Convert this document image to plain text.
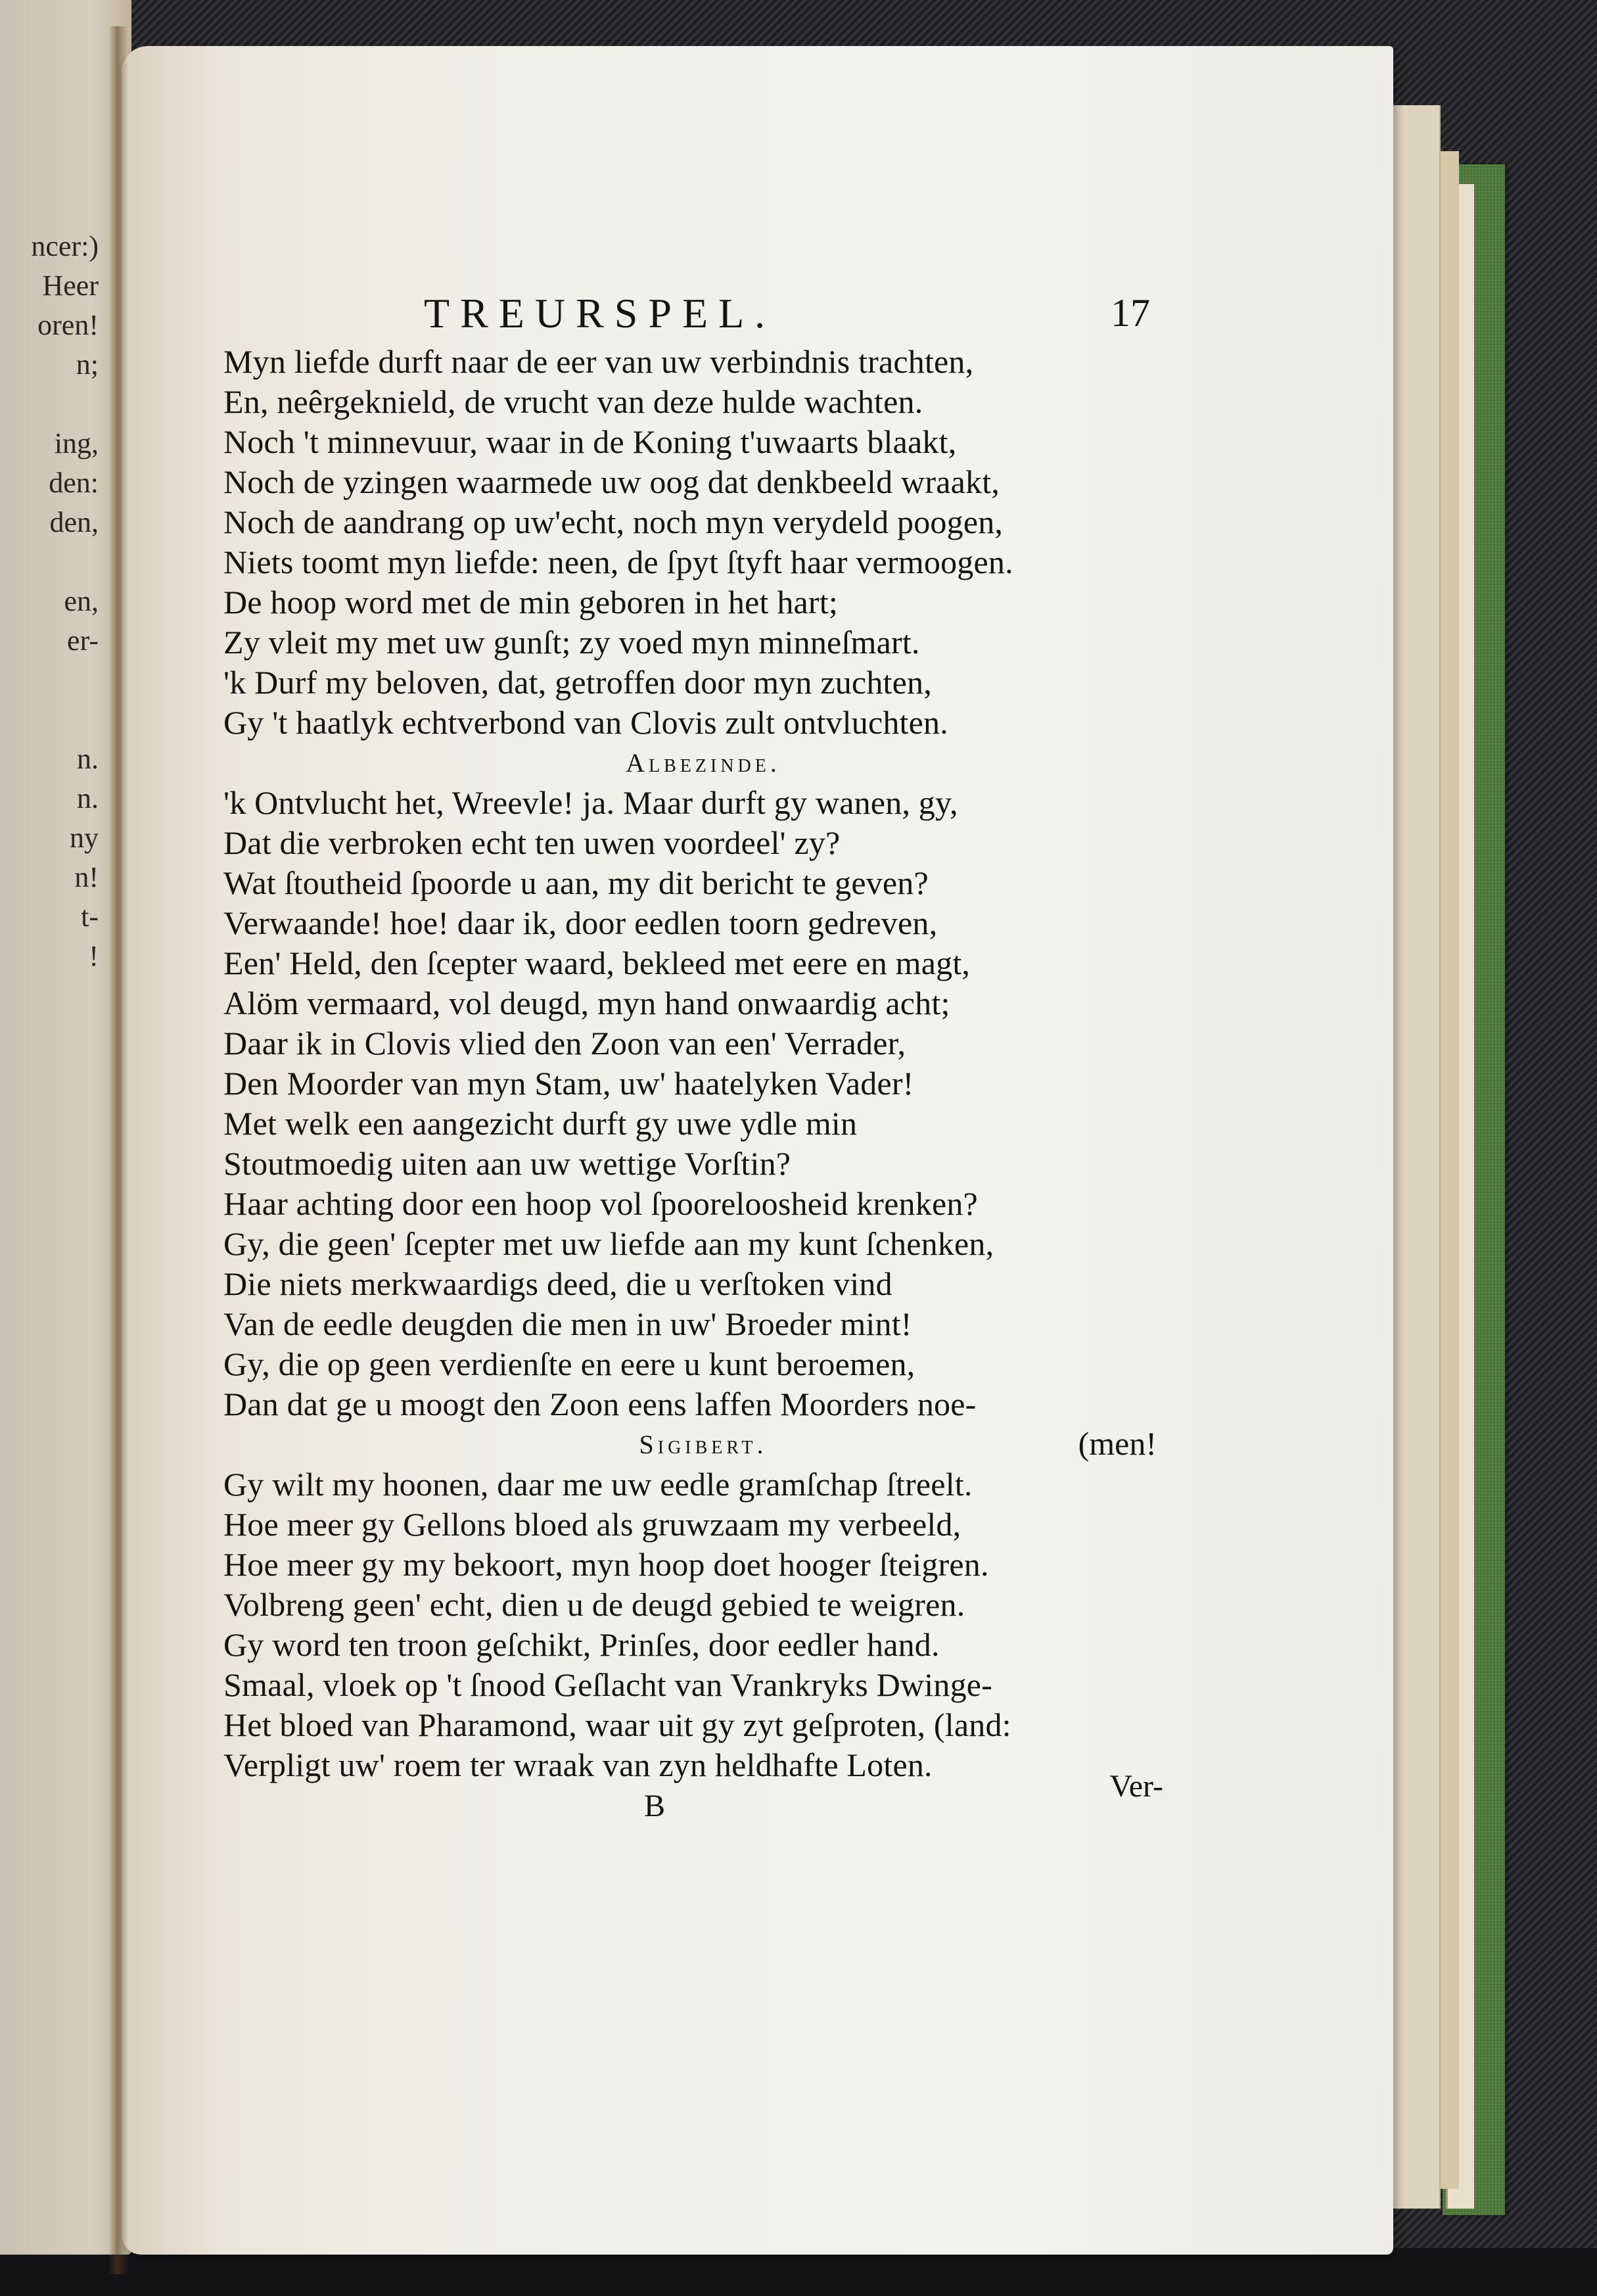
ncer:)
Heer
oren!
n;

ing,
den:
den,

en,
er-

n.
n.
ny
n!
t-
!
TREURSPEL.	17
Myn liefde durft naar de eer van uw verbindnis trachten,
En, neêrgeknield, de vrucht van deze hulde wachten.
Noch 't minnevuur, waar in de Koning t'uwaarts blaakt,
Noch de yzingen waarmede uw oog dat denkbeeld wraakt,
Noch de aandrang op uw'echt, noch myn verydeld poogen,
Niets toomt myn liefde: neen, de ſpyt ſtyft haar vermoogen.
De hoop word met de min geboren in het hart;
Zy vleit my met uw gunſt; zy voed myn minneſmart.
'k Durf my beloven, dat, getroffen door myn zuchten,
Gy 't haatlyk echtverbond van Clovis zult ontvluchten.
Albezinde.
'k Ontvlucht het, Wreevle! ja. Maar durft gy wanen, gy,
Dat die verbroken echt ten uwen voordeel' zy?
Wat ſtoutheid ſpoorde u aan, my dit bericht te geven?
Verwaande! hoe! daar ik, door eedlen toorn gedreven,
Een' Held, den ſcepter waard, bekleed met eere en magt,
Alöm vermaard, vol deugd, myn hand onwaardig acht;
Daar ik in Clovis vlied den Zoon van een' Verrader,
Den Moorder van myn Stam, uw' haatelyken Vader!
Met welk een aangezicht durft gy uwe ydle min
Stoutmoedig uiten aan uw wettige Vorſtin?
Haar achting door een hoop vol ſpooreloosheid krenken?
Gy, die geen' ſcepter met uw liefde aan my kunt ſchenken,
Die niets merkwaardigs deed, die u verſtoken vind
Van de eedle deugden die men in uw' Broeder mint!
Gy, die op geen verdienſte en eere u kunt beroemen,
Dan dat ge u moogt den Zoon eens laffen Moorders noe-
Sigibert.	(men!
Gy wilt my hoonen, daar me uw eedle gramſchap ſtreelt.
Hoe meer gy Gellons bloed als gruwzaam my verbeeld,
Hoe meer gy my bekoort, myn hoop doet hooger ſteigren.
Volbreng geen' echt, dien u de deugd gebied te weigren.
Gy word ten troon geſchikt, Prinſes, door eedler hand.
Smaal, vloek op 't ſnood Geſlacht van Vrankryks Dwinge-
Het bloed van Pharamond, waar uit gy zyt geſproten, (land:
Verpligt uw' roem ter wraak van zyn heldhafte Loten.
B
Ver-
